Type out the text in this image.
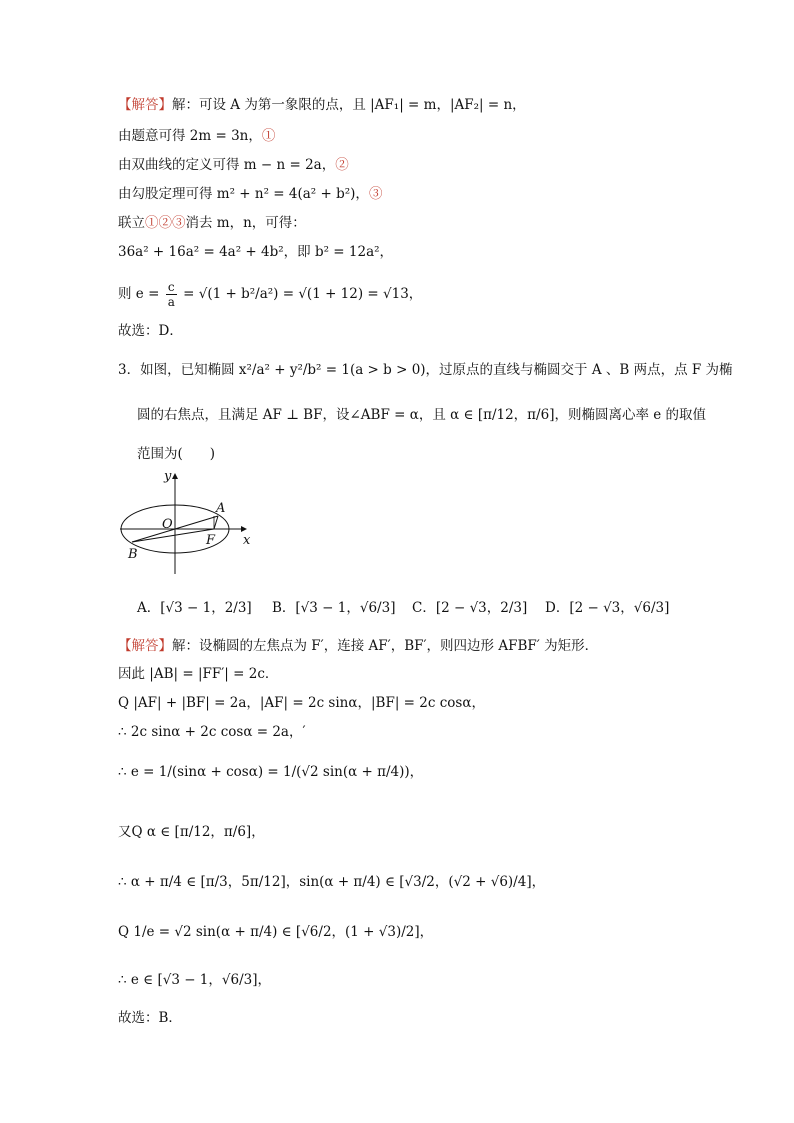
【解答】解：可设 A 为第一象限的点，且 |AF₁| = m，|AF₂| = n，
由题意可得 2m = 3n，①
由双曲线的定义可得 m − n = 2a，②
由勾股定理可得 m² + n² = 4(a² + b²)，③
联立①②③消去 m，n，可得：
36a² + 16a² = 4a² + 4b²，即 b² = 12a²，
则 $e = \frac{c}{a} = √(1 + b^2/a^2) = √(1 + 12) = √13$，
故选：D．
3．如图，已知椭圆 x²/a² + y²/b² = 1(a > b > 0)，过原点的直线与椭圆交于 A 、B 两点，点 F 为椭
圆的右焦点，且满足 AF ⊥ BF，设∠ABF = α，且 α ∈ [π/12，π/6]，则椭圆离心率 e 的取值
范围为(　　)
y
x
O
A
B
F
A．[√3 − 1，2/3] B．[√3 − 1，√6/3] C．[2 − √3，2/3] D．[2 − √3，√6/3]
【解答】解：设椭圆的左焦点为 F′，连接 AF′，BF′，则四边形 AFBF′ 为矩形．
因此 |AB| = |FF′| = 2c．
Q |AF| + |BF| = 2a，|AF| = 2c sinα，|BF| = 2c cosα，
∴ 2c sinα + 2c cosα = 2a，′
∴ e = 1/(sinα + cosα) = 1/(√2 sin(α + π/4))，
又Q α ∈ [π/12，π/6]，
∴ α + π/4 ∈ [π/3，5π/12]，sin(α + π/4) ∈ [√3/2，(√2 + √6)/4]，
Q 1/e = √2 sin(α + π/4) ∈ [√6/2，(1 + √3)/2]，
∴ e ∈ [√3 − 1，√6/3]，
故选：B．
